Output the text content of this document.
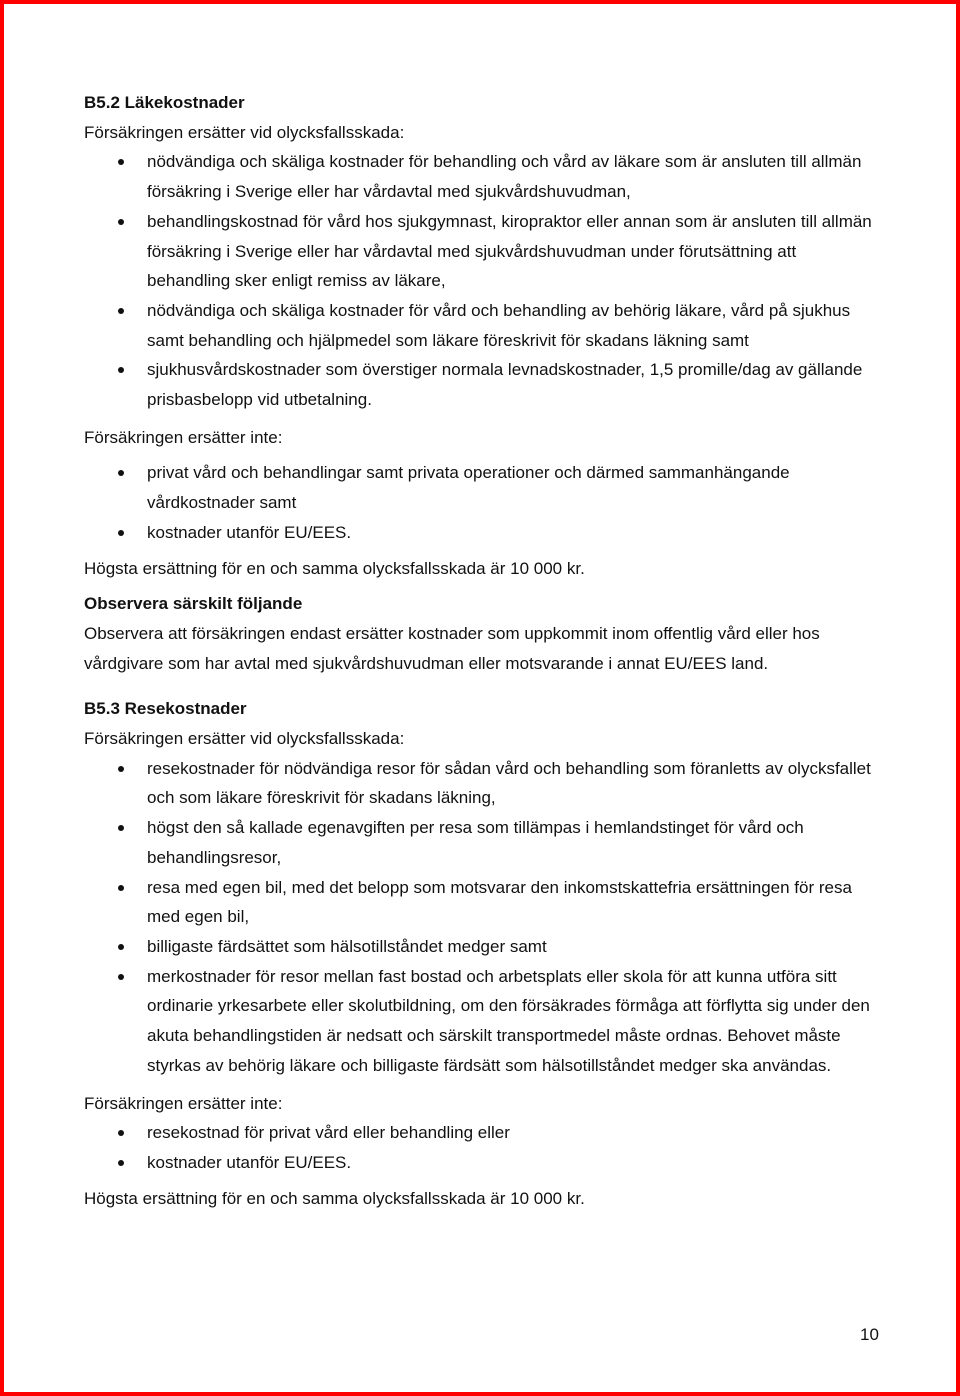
B5.2 Läkekostnader

Försäkringen ersätter vid olycksfallsskada:

nödvändiga och skäliga kostnader för behandling och vård av läkare som är ansluten till allmän försäkring i Sverige eller har vårdavtal med sjukvårdshuvudman,
behandlingskostnad för vård hos sjukgymnast, kiropraktor eller annan som är ansluten till allmän försäkring i Sverige eller har vårdavtal med sjukvårdshuvudman under förutsättning att behandling sker enligt remiss av läkare,
nödvändiga och skäliga kostnader för vård och behandling av behörig läkare, vård på sjukhus samt behandling och hjälpmedel som läkare föreskrivit för skadans läkning samt
sjukhusvårdskostnader som överstiger normala levnadskostnader, 1,5 promille/dag av gällande prisbasbelopp vid utbetalning.

Försäkringen ersätter inte:

privat vård och behandlingar samt privata operationer och därmed sammanhängande vårdkostnader samt
kostnader utanför EU/EES.

Högsta ersättning för en och samma olycksfallsskada är 10 000 kr.

Observera särskilt följande

Observera att försäkringen endast ersätter kostnader som uppkommit inom offentlig vård eller hos vårdgivare som har avtal med sjukvårdshuvudman eller motsvarande i annat EU/EES land.

B5.3 Resekostnader

Försäkringen ersätter vid olycksfallsskada:

resekostnader för nödvändiga resor för sådan vård och behandling som föranletts av olycksfallet och som läkare föreskrivit för skadans läkning,
högst den så kallade egenavgiften per resa som tillämpas i hemlandstinget för vård och behandlingsresor,
resa med egen bil, med det belopp som motsvarar den inkomstskattefria ersättningen för resa med egen bil,
billigaste färdsättet som hälsotillståndet medger samt
merkostnader för resor mellan fast bostad och arbetsplats eller skola för att kunna utföra sitt ordinarie yrkesarbete eller skolutbildning, om den försäkrades förmåga att förflytta sig under den akuta behandlingstiden är nedsatt och särskilt transportmedel måste ordnas. Behovet måste styrkas av behörig läkare och billigaste färdsätt som hälsotillståndet medger ska användas.

Försäkringen ersätter inte:

resekostnad för privat vård eller behandling eller
kostnader utanför EU/EES.

Högsta ersättning för en och samma olycksfallsskada är 10 000 kr.

10
